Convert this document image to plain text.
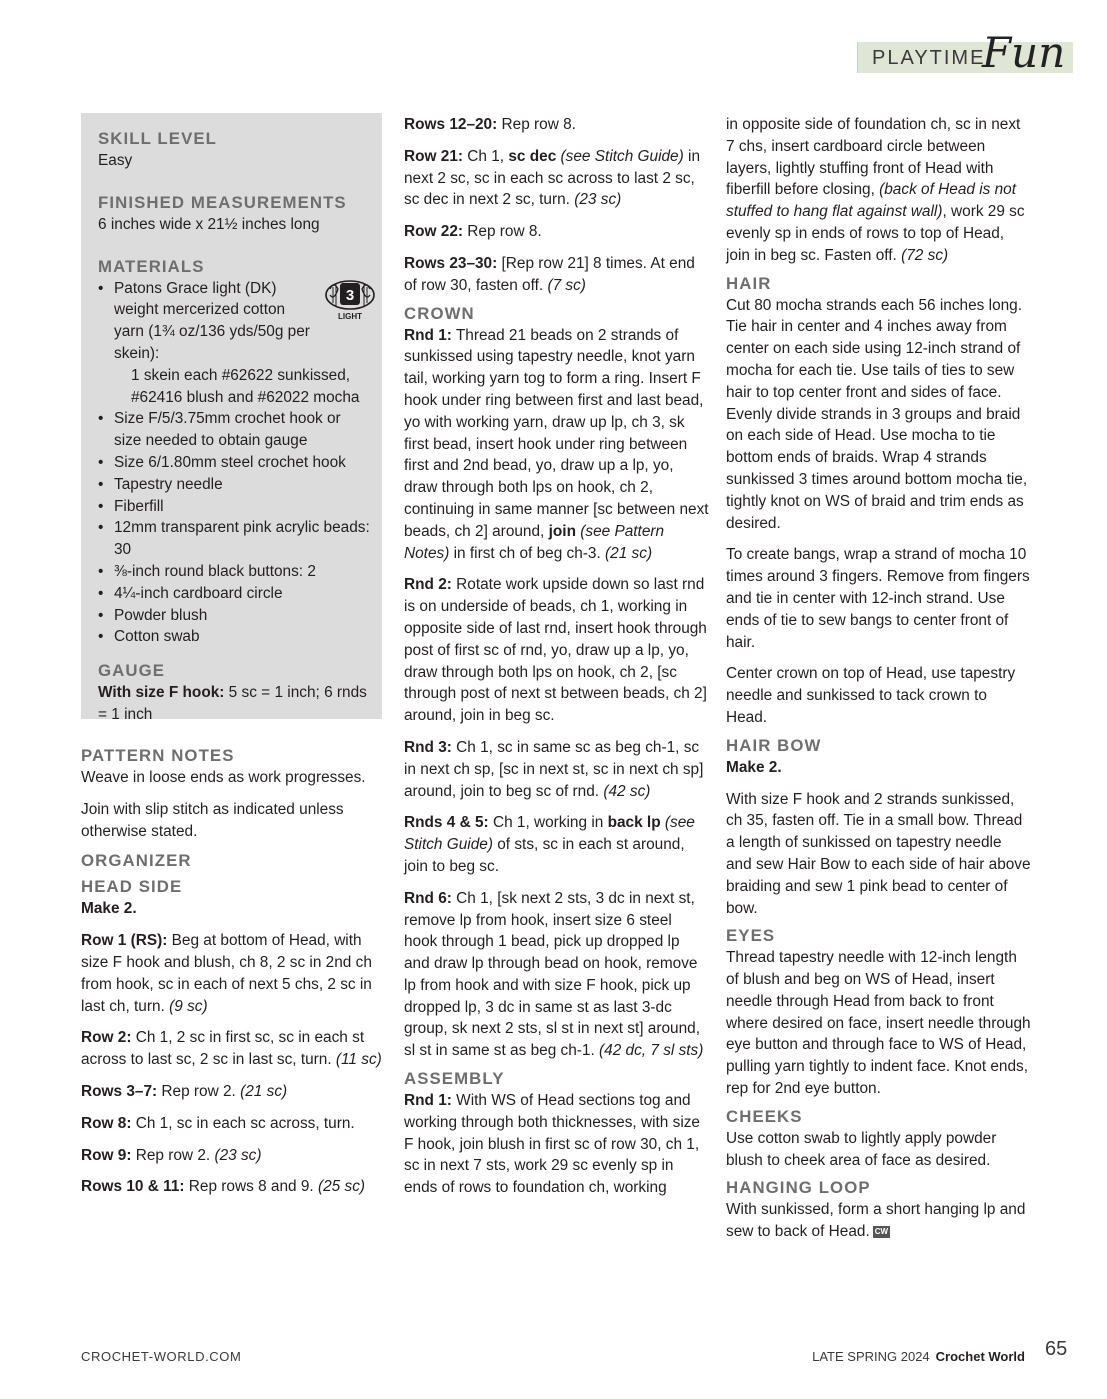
PLAYTIME
Fun
SKILL LEVEL
Easy
FINISHED MEASUREMENTS
6 inches wide x 21½ inches long
MATERIALS
3
LIGHT
• Patons Grace light (DK) weight mercerized cotton yarn (1¾ oz/136 yds/50g per skein):
1 skein each #62622 sunkissed, #62416 blush and #62022 mocha
• Size F/5/3.75mm crochet hook or size needed to obtain gauge
• Size 6/1.80mm steel crochet hook
• Tapestry needle
• Fiberfill
• 12mm transparent pink acrylic beads: 30
• ⅜-inch round black buttons: 2
• 4¼-inch cardboard circle
• Powder blush
• Cotton swab
GAUGE
With size F hook: 5 sc = 1 inch; 6 rnds = 1 inch
PATTERN NOTES

Weave in loose ends as work progresses.

Join with slip stitch as indicated unless otherwise stated.

ORGANIZER
HEAD SIDE

Make 2.

Row 1 (RS): Beg at bottom of Head, with size F hook and blush, ch 8, 2 sc in 2nd ch from hook, sc in each of next 5 chs, 2 sc in last ch, turn. (9 sc)

Row 2: Ch 1, 2 sc in first sc, sc in each st across to last sc, 2 sc in last sc, turn. (11 sc)

Rows 3–7: Rep row 2. (21 sc)

Row 8: Ch 1, sc in each sc across, turn.

Row 9: Rep row 2. (23 sc)

Rows 10 & 11: Rep rows 8 and 9. (25 sc)

Rows 12–20: Rep row 8.

Row 21: Ch 1, sc dec (see Stitch Guide) in next 2 sc, sc in each sc across to last 2 sc, sc dec in next 2 sc, turn. (23 sc)

Row 22: Rep row 8.

Rows 23–30: [Rep row 21] 8 times. At end of row 30, fasten off. (7 sc)

CROWN

Rnd 1: Thread 21 beads on 2 strands of sunkissed using tapestry needle, knot yarn tail, working yarn tog to form a ring. Insert F hook under ring between first and last bead, yo with working yarn, draw up lp, ch 3, sk first bead, insert hook under ring between first and 2nd bead, yo, draw up a lp, yo, draw through both lps on hook, ch 2, continuing in same manner [sc between next beads, ch 2] around, join (see Pattern Notes) in first ch of beg ch-3. (21 sc)

Rnd 2: Rotate work upside down so last rnd is on underside of beads, ch 1, working in opposite side of last rnd, insert hook through post of first sc of rnd, yo, draw up a lp, yo, draw through both lps on hook, ch 2, [sc through post of next st between beads, ch 2] around, join in beg sc.

Rnd 3: Ch 1, sc in same sc as beg ch-1, sc in next ch sp, [sc in next st, sc in next ch sp] around, join to beg sc of rnd. (42 sc)

Rnds 4 & 5: Ch 1, working in back lp (see Stitch Guide) of sts, sc in each st around, join to beg sc.

Rnd 6: Ch 1, [sk next 2 sts, 3 dc in next st, remove lp from hook, insert size 6 steel hook through 1 bead, pick up dropped lp and draw lp through bead on hook, remove lp from hook and with size F hook, pick up dropped lp, 3 dc in same st as last 3-dc group, sk next 2 sts, sl st in next st] around, sl st in same st as beg ch-1. (42 dc, 7 sl sts)

ASSEMBLY

Rnd 1: With WS of Head sections tog and working through both thicknesses, with size F hook, join blush in first sc of row 30, ch 1, sc in next 7 sts, work 29 sc evenly sp in ends of rows to foundation ch, working

in opposite side of foundation ch, sc in next 7 chs, insert cardboard circle between layers, lightly stuffing front of Head with fiberfill before closing, (back of Head is not stuffed to hang flat against wall), work 29 sc evenly sp in ends of rows to top of Head, join in beg sc. Fasten off. (72 sc)

HAIR

Cut 80 mocha strands each 56 inches long. Tie hair in center and 4 inches away from center on each side using 12-inch strand of mocha for each tie. Use tails of ties to sew hair to top center front and sides of face. Evenly divide strands in 3 groups and braid on each side of Head. Use mocha to tie bottom ends of braids. Wrap 4 strands sunkissed 3 times around bottom mocha tie, tightly knot on WS of braid and trim ends as desired.

To create bangs, wrap a strand of mocha 10 times around 3 fingers. Remove from fingers and tie in center with 12-inch strand. Use ends of tie to sew bangs to center front of hair.

Center crown on top of Head, use tapestry needle and sunkissed to tack crown to Head.

HAIR BOW

Make 2.

With size F hook and 2 strands sunkissed, ch 35, fasten off. Tie in a small bow. Thread a length of sunkissed on tapestry needle and sew Hair Bow to each side of hair above braiding and sew 1 pink bead to center of bow.

EYES

Thread tapestry needle with 12-inch length of blush and beg on WS of Head, insert needle through Head from back to front where desired on face, insert needle through eye button and through face to WS of Head, pulling yarn tightly to indent face. Knot ends, rep for 2nd eye button.

CHEEKS

Use cotton swab to lightly apply powder blush to cheek area of face as desired.

HANGING LOOP

With sunkissed, form a short hanging lp and sew to back of Head. CW

CROCHET-WORLD.COM	LATE SPRING 2024 Crochet World 65
